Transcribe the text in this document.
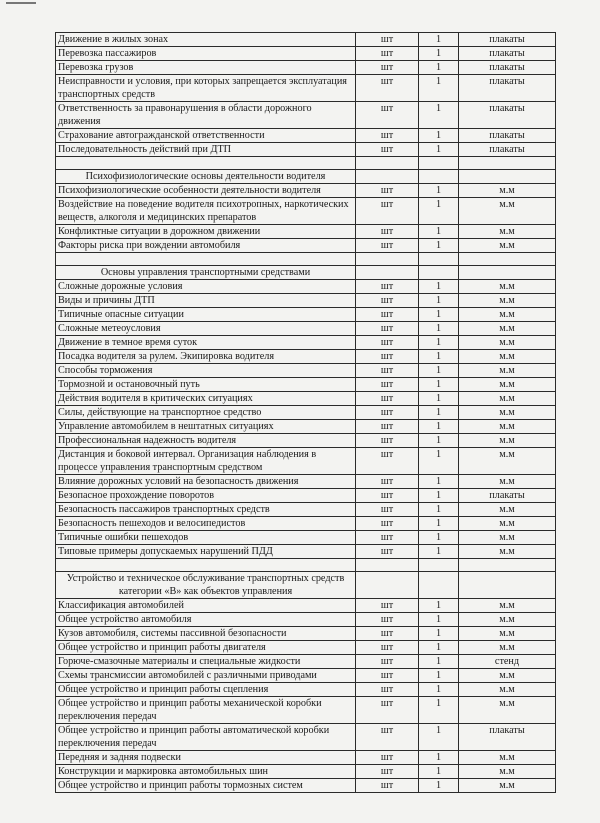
Движение в жилых зонах	шт	1	плакаты
Перевозка пассажиров	шт	1	плакаты
Перевозка грузов	шт	1	плакаты
Неисправности и условия, при которых запрещается эксплуатация транспортных средств	шт	1	плакаты
Ответственность за правонарушения в области дорожного движения	шт	1	плакаты
Страхование автогражданской ответственности	шт	1	плакаты
Последовательность действий при ДТП	шт	1	плакаты

Психофизиологические основы деятельности водителя			
Психофизиологические особенности деятельности водителя	шт	1	м.м
Воздействие на поведение водителя психотропных, наркотических веществ, алкоголя и медицинских препаратов	шт	1	м.м
Конфликтные ситуации в дорожном движении	шт	1	м.м
Факторы риска при вождении автомобиля	шт	1	м.м

Основы управления транспортными средствами			
Сложные дорожные условия	шт	1	м.м
Виды и причины ДТП	шт	1	м.м
Типичные опасные ситуации	шт	1	м.м
Сложные метеоусловия	шт	1	м.м
Движение в темное время суток	шт	1	м.м
Посадка водителя за рулем. Экипировка водителя	шт	1	м.м
Способы торможения	шт	1	м.м
Тормозной и остановочный путь	шт	1	м.м
Действия водителя в критических ситуациях	шт	1	м.м
Силы, действующие на транспортное средство	шт	1	м.м
Управление автомобилем в нештатных ситуациях	шт	1	м.м
Профессиональная надежность водителя	шт	1	м.м
Дистанция и боковой интервал. Организация наблюдения в процессе управления транспортным средством	шт	1	м.м
Влияние дорожных условий на безопасность движения	шт	1	м.м
Безопасное прохождение поворотов	шт	1	плакаты
Безопасность пассажиров транспортных средств	шт	1	м.м
Безопасность пешеходов и велосипедистов	шт	1	м.м
Типичные ошибки пешеходов	шт	1	м.м
Типовые примеры допускаемых нарушений ПДД	шт	1	м.м

Устройство и техническое обслуживание транспортных средств категории «В» как объектов управления			
Классификация автомобилей	шт	1	м.м
Общее устройство автомобиля	шт	1	м.м
Кузов автомобиля, системы пассивной безопасности	шт	1	м.м
Общее устройство и принцип работы двигателя	шт	1	м.м
Горюче-смазочные материалы и специальные жидкости	шт	1	стенд
Схемы трансмиссии автомобилей с различными приводами	шт	1	м.м
Общее устройство и принцип работы сцепления	шт	1	м.м
Общее устройство и принцип работы механической коробки переключения передач	шт	1	м.м
Общее устройство и принцип работы автоматической коробки переключения передач	шт	1	плакаты
Передняя и задняя подвески	шт	1	м.м
Конструкции и маркировка автомобильных шин	шт	1	м.м
Общее устройство и принцип работы тормозных систем	шт	1	м.м
